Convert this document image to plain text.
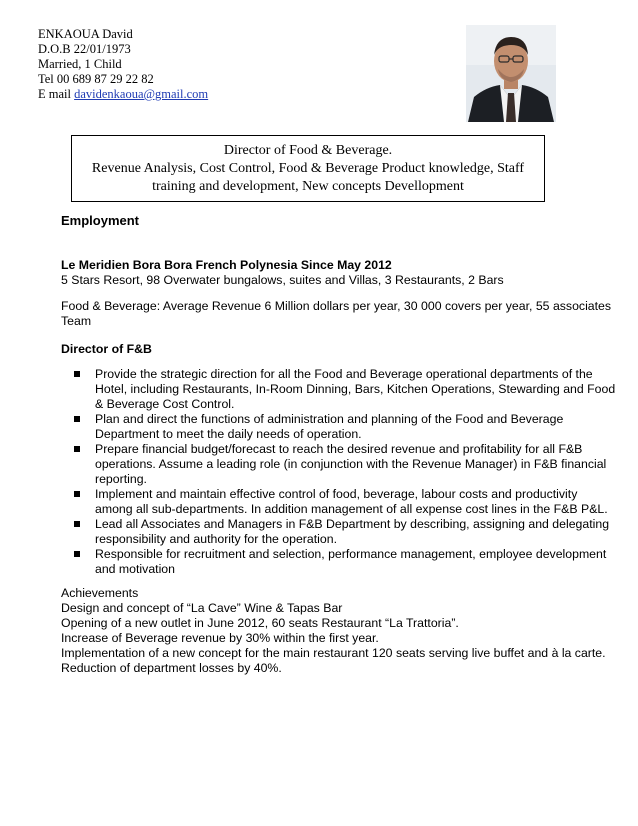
ENKAOUA David
D.O.B 22/01/1973
Married, 1 Child
Tel 00 689 87 29 22 82
E mail davidenkaoua@gmail.com
Director of Food & Beverage.
Revenue Analysis, Cost Control, Food & Beverage Product knowledge, Staff
training and development, New concepts Devellopment
Employment
Le Meridien Bora Bora French Polynesia Since May 2012
5 Stars Resort, 98 Overwater bungalows, suites and Villas, 3 Restaurants, 2 Bars
Food & Beverage: Average Revenue 6 Million dollars per year, 30 000 covers per year, 55 associates Team
Director of F&B
Provide the strategic direction for all the Food and Beverage operational departments of the Hotel, including Restaurants, In-Room Dinning, Bars, Kitchen Operations, Stewarding and Food & Beverage Cost Control.
Plan and direct the functions of administration and planning of the Food and Beverage Department to meet the daily needs of operation.
Prepare financial budget/forecast to reach the desired revenue and profitability for all F&B operations. Assume a leading role (in conjunction with the Revenue Manager) in F&B financial reporting.
Implement and maintain effective control of food, beverage, labour costs and productivity among all sub-departments. In addition management of all expense cost lines in the F&B P&L.
Lead all Associates and Managers in F&B Department by describing, assigning and delegating responsibility and authority for the operation.
Responsible for recruitment and selection, performance management, employee development and motivation
Achievements
Design and concept of “La Cave” Wine & Tapas Bar
Opening of a new outlet in June 2012, 60 seats Restaurant “La Trattoria”.
Increase of Beverage revenue by 30% within the first year.
Implementation of a new concept for the main restaurant 120 seats serving live buffet and à la carte.
Reduction of department losses by 40%.
